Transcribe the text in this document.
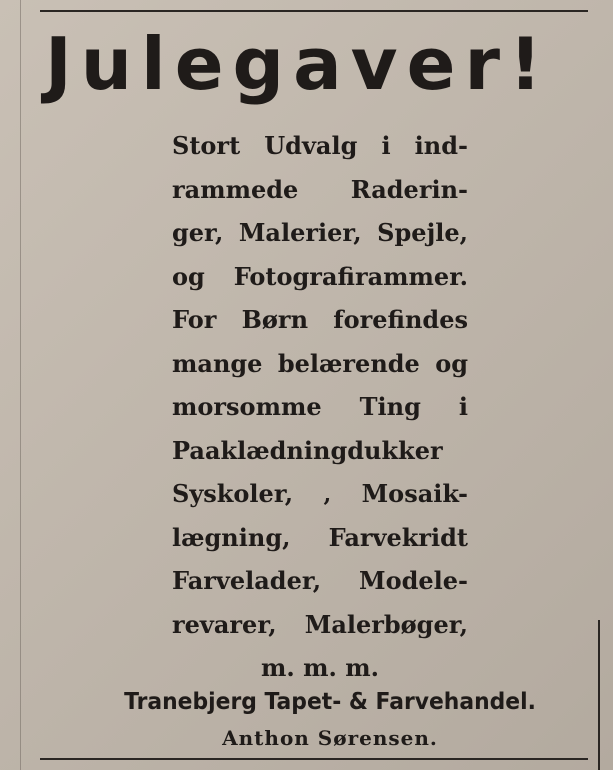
Julegaver!
Stort Udvalg i ind-
rammede Raderin-
ger, Malerier, Spejle,
og Fotografirammer.
For Børn forefindes
mange belærende og
morsomme Ting i
Paaklædningdukker
Syskoler, ‚ Mosaik-
lægning, Farvekridt
Farvelader, Modele-
revarer, Malerbøger,
m. m. m.
Tranebjerg Tapet- & Farvehandel.
Anthon Sørensen.
